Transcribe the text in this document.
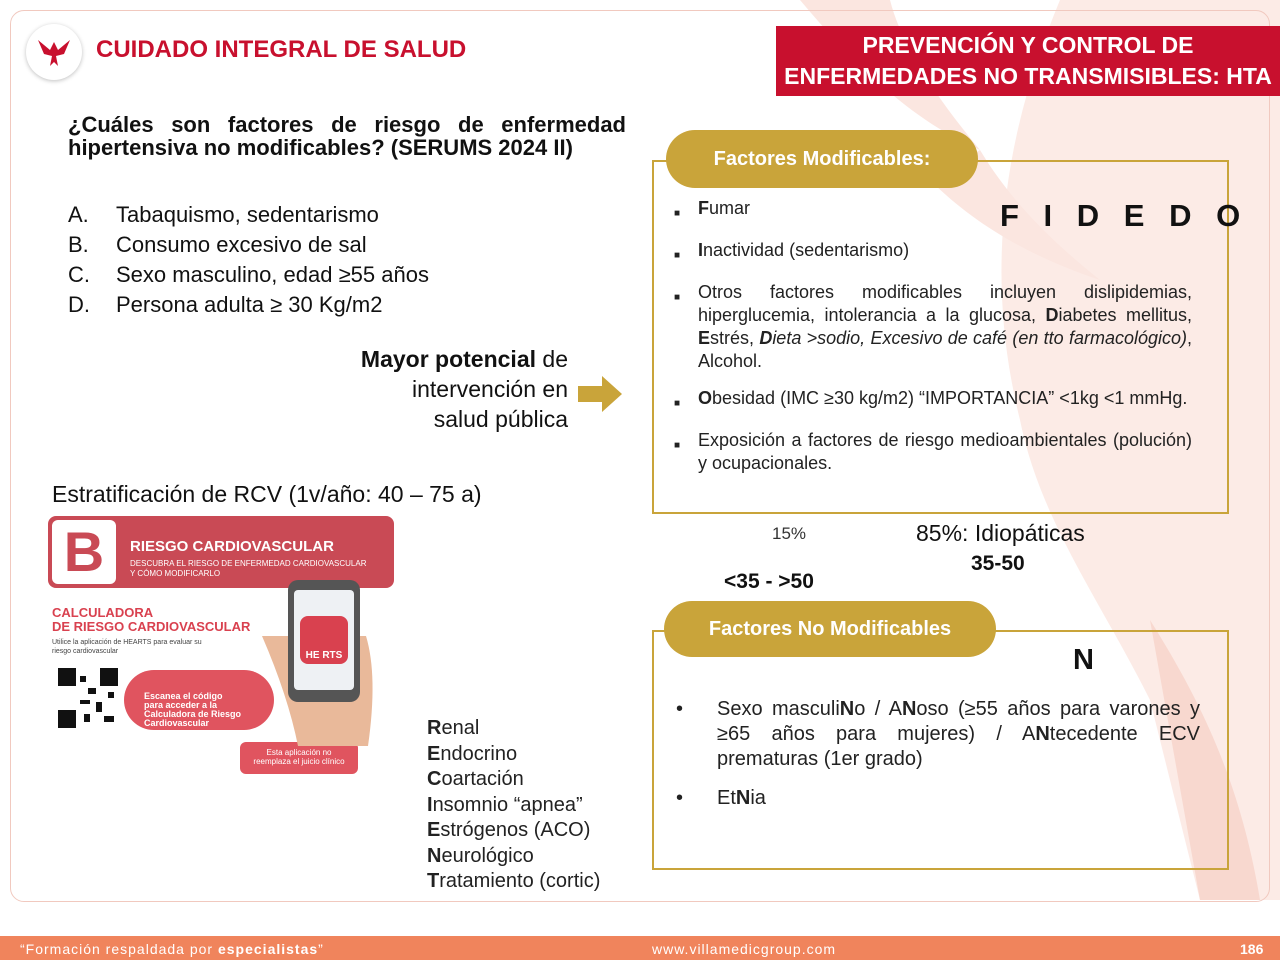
CUIDADO INTEGRAL DE SALUD	PREVENCIÓN Y CONTROL DE
ENFERMEDADES NO TRANSMISIBLES: HTA
¿Cuáles son factores de riesgo de enfermedad hipertensiva no modificables? (SERUMS 2024 II)
A.	Tabaquismo, sedentarismo
B.	Consumo excesivo de sal
C.	Sexo masculino, edad ≥55 años
D.	Persona adulta ≥ 30 Kg/m2
Mayor potencial de
intervención en
salud pública
Estratificación de RCV (1v/año: 40 – 75 a)
B	RIESGO CARDIOVASCULAR
DESCUBRA EL RIESGO DE ENFERMEDAD CARDIOVASCULAR
Y CÓMO MODIFICARLO
CALCULADORA
DE RIESGO CARDIOVASCULAR
Utilice la aplicación de HEARTS para evaluar su
riesgo cardiovascular	HE RTS
Escanea el código
para acceder a la
Calculadora de Riesgo
Cardiovascular
Esta aplicación no
reemplaza el juicio clínico
Factores Modificables:
F I D E D O
■ Fumar
■ Inactividad (sedentarismo)
■ Otros factores modificables incluyen dislipidemias, hiperglucemia, intolerancia a la glucosa, Diabetes mellitus, Estrés, Dieta >sodio, Excesivo de café (en tto farmacológico), Alcohol.
■ Obesidad (IMC ≥30 kg/m2) “IMPORTANCIA” <1kg <1 mmHg.
■ Exposición a factores de riesgo medioambientales (polución) y ocupacionales.
15%
<35 - >50
85%: Idiopáticas
35-50
Factores No Modificables
N
•	Sexo masculiNo / ANoso (≥55 años para varones y ≥65 años para mujeres) / ANtecedente ECV prematuras (1er grado)
•	EtNia
Renal
Endocrino
Coartación
Insomnio “apnea”
Estrógenos (ACO)
Neurológico
Tratamiento (cortic)
“Formación respaldada por especialistas”	www.villamedicgroup.com	186
